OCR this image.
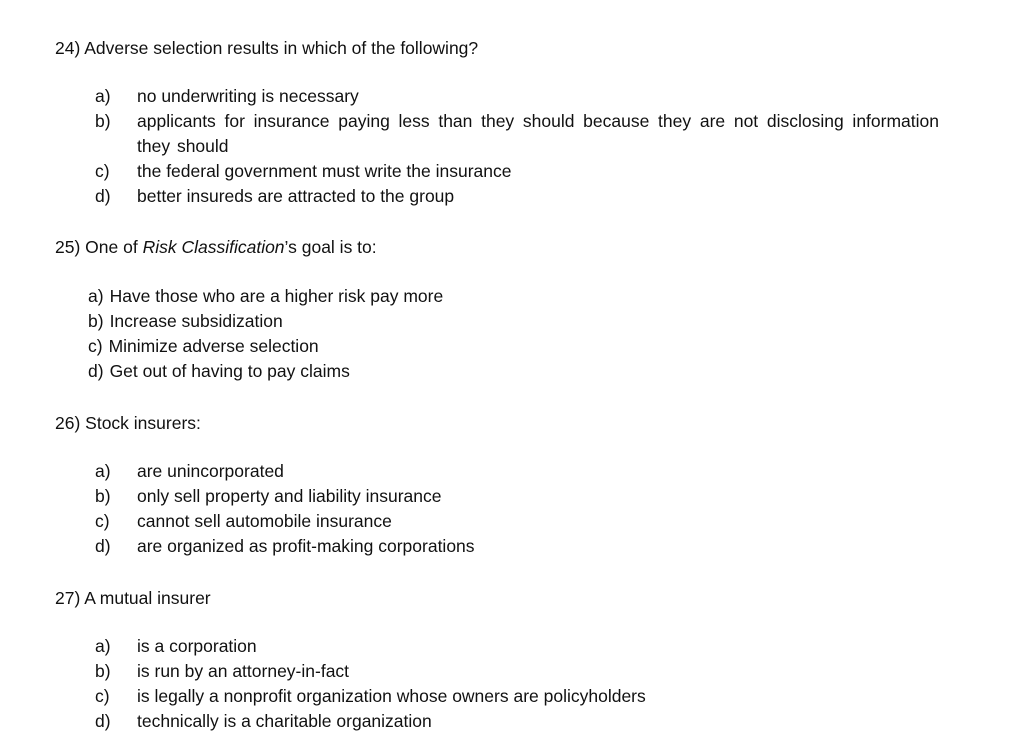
24) Adverse selection results in which of the following?
a) no underwriting is necessary
b) applicants for insurance paying less than they should because they are not disclosing information they should
c) the federal government must write the insurance
d) better insureds are attracted to the group
25) One of Risk Classification’s goal is to:
a) Have those who are a higher risk pay more
b) Increase subsidization
c) Minimize adverse selection
d) Get out of having to pay claims
26) Stock insurers:
a) are unincorporated
b) only sell property and liability insurance
c) cannot sell automobile insurance
d) are organized as profit-making corporations
27) A mutual insurer
a) is a corporation
b) is run by an attorney-in-fact
c) is legally a nonprofit organization whose owners are policyholders
d) technically is a charitable organization
